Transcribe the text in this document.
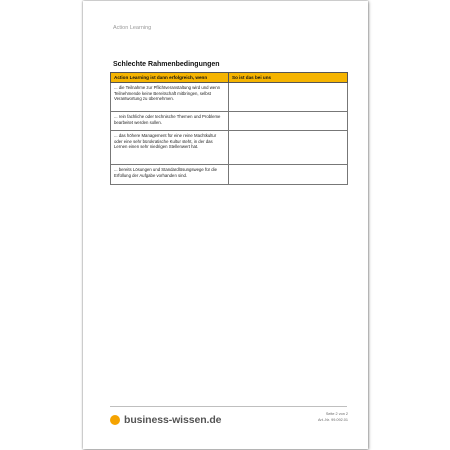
Action Learning
Schlechte Rahmenbedingungen
Action Learning ist dann erfolgreich, wenn	So ist das bei uns
... die Teilnahme zur Pflichtveranstaltung wird und wenn Teilnehmende keine Bereitschaft mitbringen, selbst Verantwortung zu übernehmen.	
... rein fachliche oder technische Themen und Probleme bearbeitet werden sollen.	
... das höhere Management für eine reine Machtkultur oder eine sehr bürokratische Kultur steht, in der das Lernen einen sehr niedrigen Stellenwert hat.	
... bereits Lösungen und Standardlösungswege für die Erfüllung der Aufgabe vorhanden sind.	
business-wissen.de	Seite 2 von 2
Art.-Nr. 99.092.01
